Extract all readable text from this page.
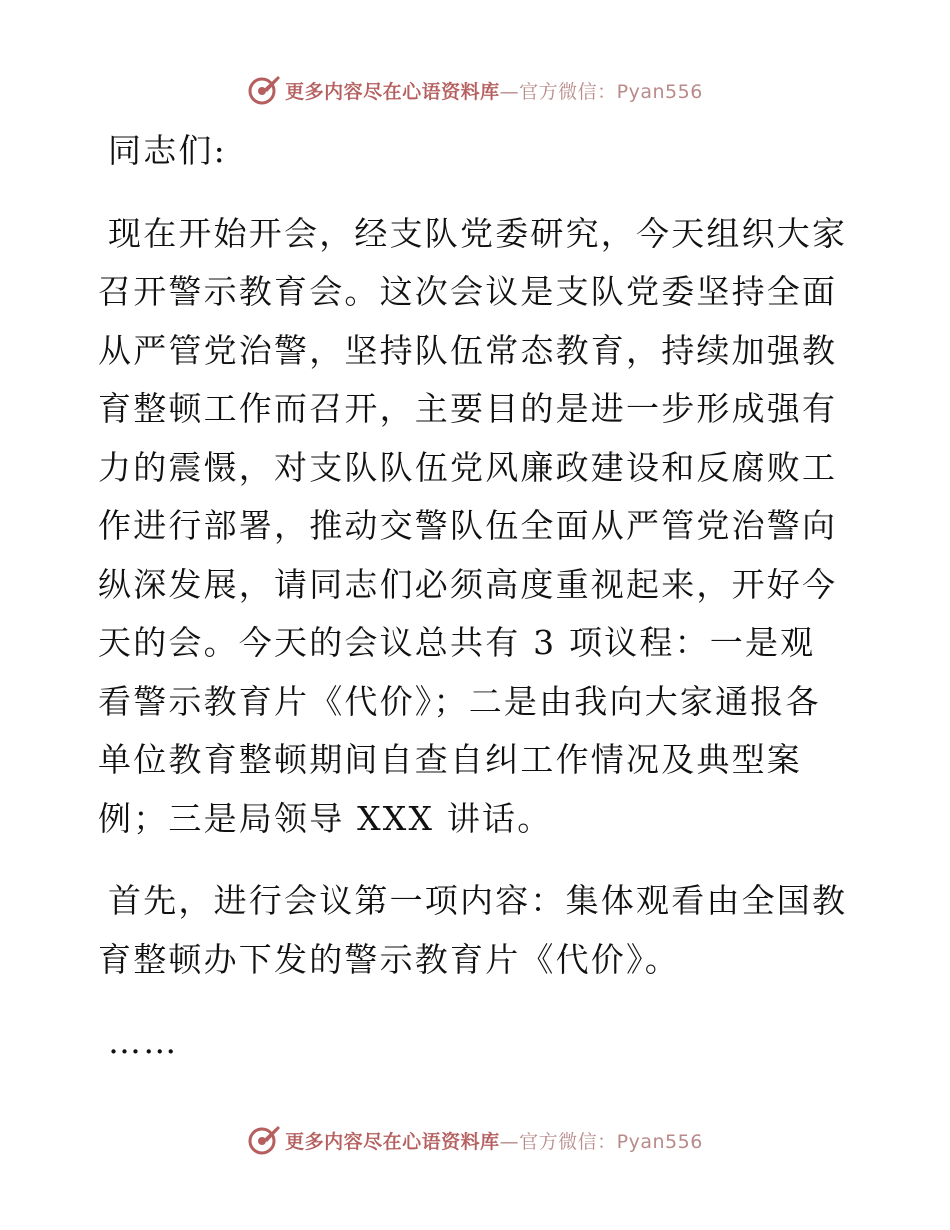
更多内容尽在心语资料库 —官方微信：Pyan556

同志们:

现在开始开会，经支队党委研究，今天组织大家召开警示教育会。这次会议是支队党委坚持全面从严管党治警，坚持队伍常态教育，持续加强教育整顿工作而召开，主要目的是进一步形成强有力的震慑，对支队队伍党风廉政建设和反腐败工作进行部署，推动交警队伍全面从严管党治警向纵深发展，请同志们必须高度重视起来，开好今天的会。今天的会议总共有 3 项议程：一是观看警示教育片《代价》；二是由我向大家通报各单位教育整顿期间自查自纠工作情况及典型案例；三是局领导 XXX 讲话。

首先，进行会议第一项内容：集体观看由全国教育整顿办下发的警示教育片《代价》。

……

更多内容尽在心语资料库 —官方微信：Pyan556
